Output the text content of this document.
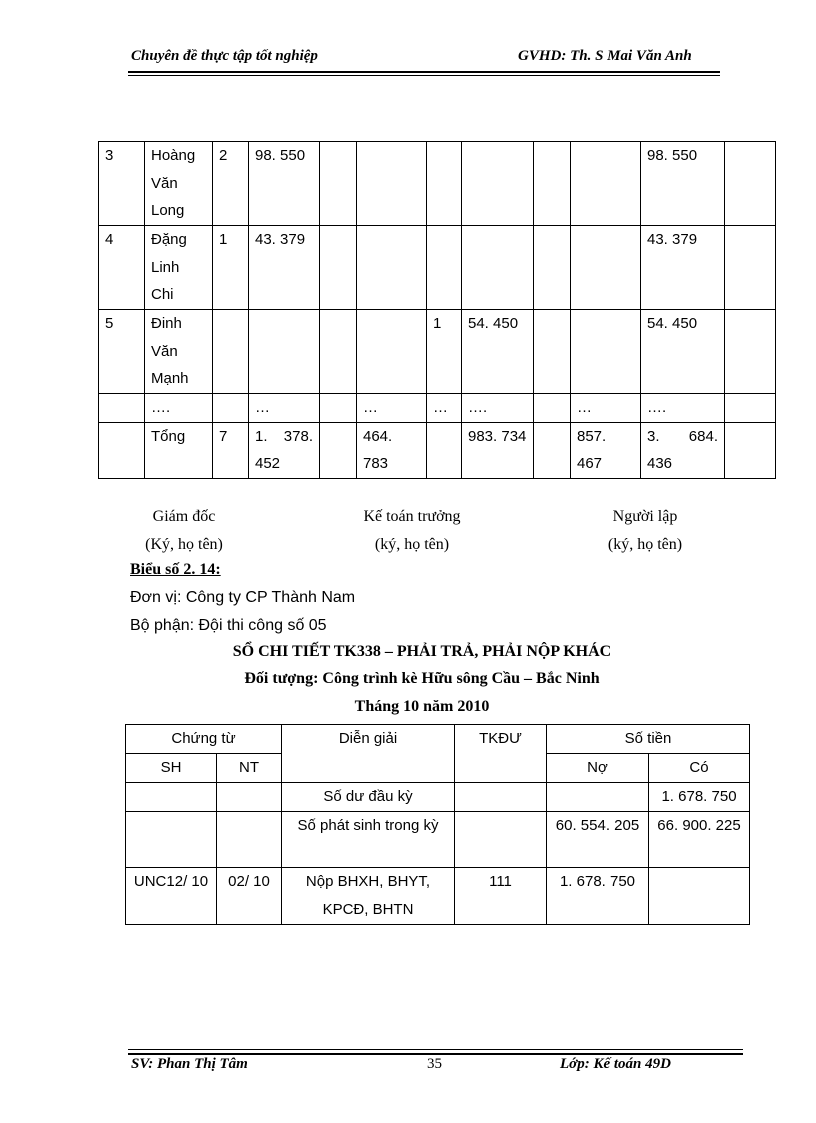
Chuyên đề thực tập tốt nghiệp	GVHD: Th. S Mai Văn Anh
3	Hoàng Văn Long	2	98. 550							98. 550	
4	Đặng Linh Chi	1	43. 379							43. 379	
5	Đinh Văn Mạnh					1	54. 450			54. 450	
	….		…		…	…	….		…	….	
	Tổng	7	1. 378. 452		464. 783		983. 734		857. 467	3. 684. 436	
Giám đốc
(Ký, họ tên)
Kế toán trưởng
(ký, họ tên)
Người lập
(ký, họ tên)
Biểu số 2. 14:
Đơn vị: Công ty CP Thành Nam
Bộ phận: Đội thi công số 05
SỔ CHI TIẾT TK338 – PHẢI TRẢ, PHẢI NỘP KHÁC
Đối tượng: Công trình kè Hữu sông Cầu – Bắc Ninh
Tháng 10 năm 2010
Chứng từ		Diễn giải	TKĐƯ	Số tiền	
SH	NT			Nợ	Có
		Số dư đầu kỳ			1. 678. 750
		Số phát sinh trong kỳ		60. 554. 205	66. 900. 225
UNC12/ 10	02/ 10	Nộp BHXH, BHYT, KPCĐ, BHTN	111	1. 678. 750	
SV: Phan Thị Tâm	35	Lớp: Kế toán 49D
